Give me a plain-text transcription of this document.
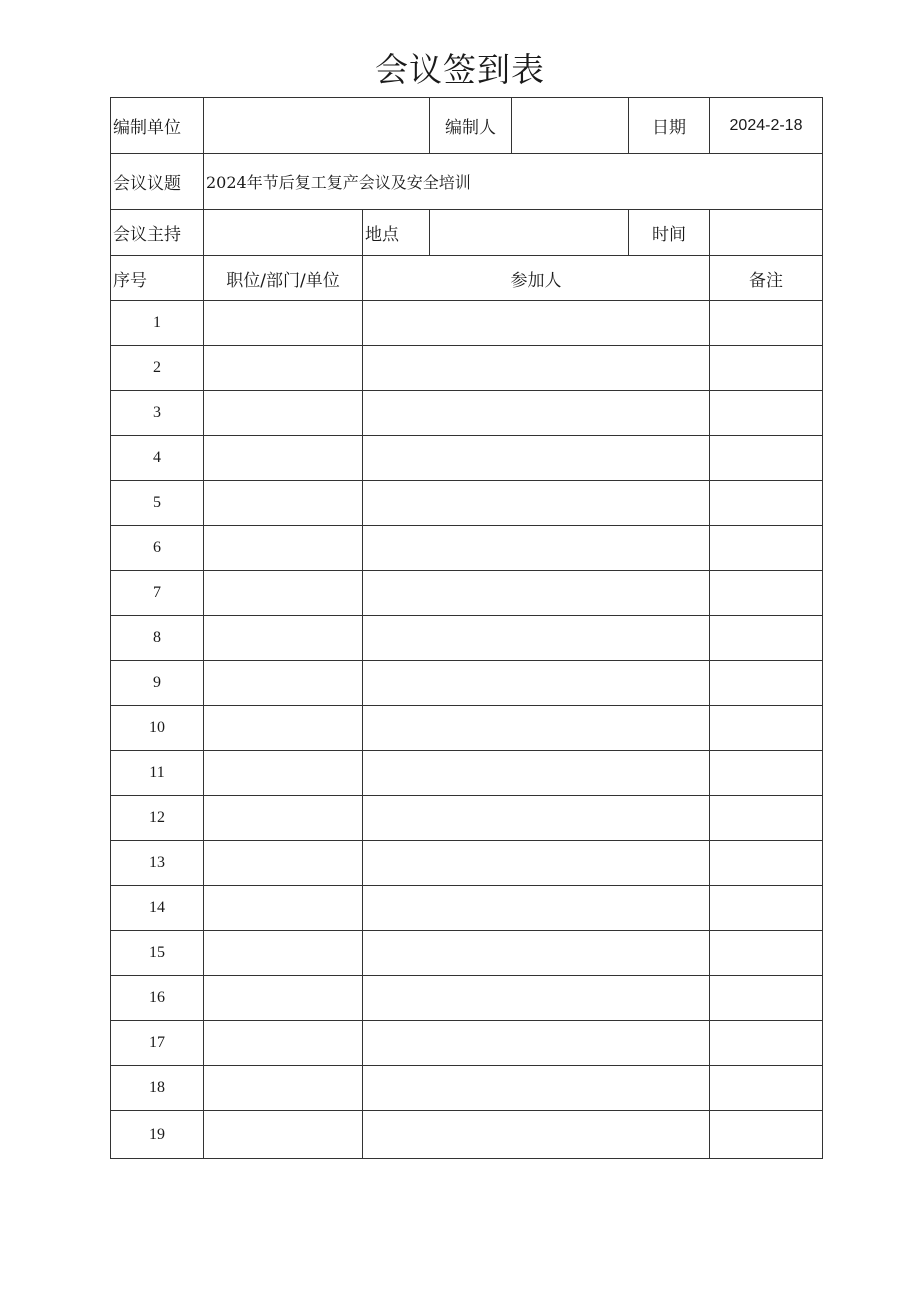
会议签到表
编制单位	编制人	日期	2024-2-18
会议议题	2024年节后复工复产会议及安全培训
会议主持	地点	时间
序号	职位/部门/单位	参加人	备注
1
2
3
4
5
6
7
8
9
10
11
12
13
14
15
16
17
18
19
